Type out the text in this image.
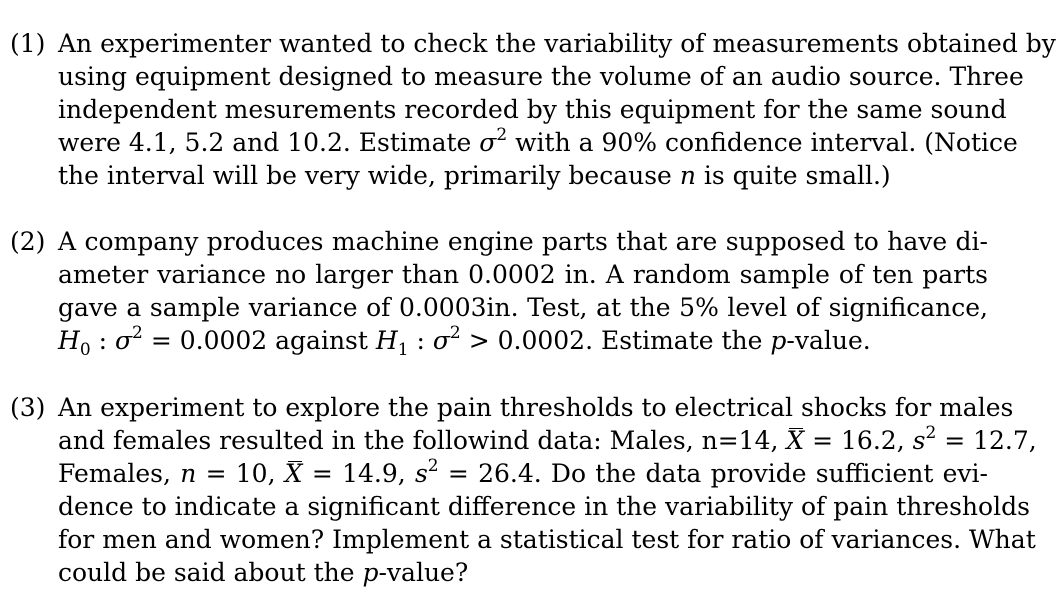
(1) An experimenter wanted to check the variability of measurements obtained by
using equipment designed to measure the volume of an audio source. Three
independent mesurements recorded by this equipment for the same sound
were 4.1, 5.2 and 10.2. Estimate $\sigma^2$ with a 90% confidence interval. (Notice
the interval will be very wide, primarily because n is quite small.)
(2) A company produces machine engine parts that are supposed to have di-
ameter variance no larger than 0.0002 in. A random sample of ten parts
gave a sample variance of 0.0003in. Test, at the 5% level of significance,
$H_0$ : $\sigma^2 = 0.0002$ against $H_1$ : $\sigma^2 > 0.0002$. Estimate the p-value.
(3) An experiment to explore the pain thresholds to electrical shocks for males
and females resulted in the followind data: Males, n=14, X = 16.2, $s^2 = 12.7$,
Females, n = 10, X = 14.9, $s^2 = 26.4$. Do the data provide sufficient evi-
dence to indicate a significant difference in the variability of pain thresholds
for men and women? Implement a statistical test for ratio of variances. What
could be said about the p-value?
